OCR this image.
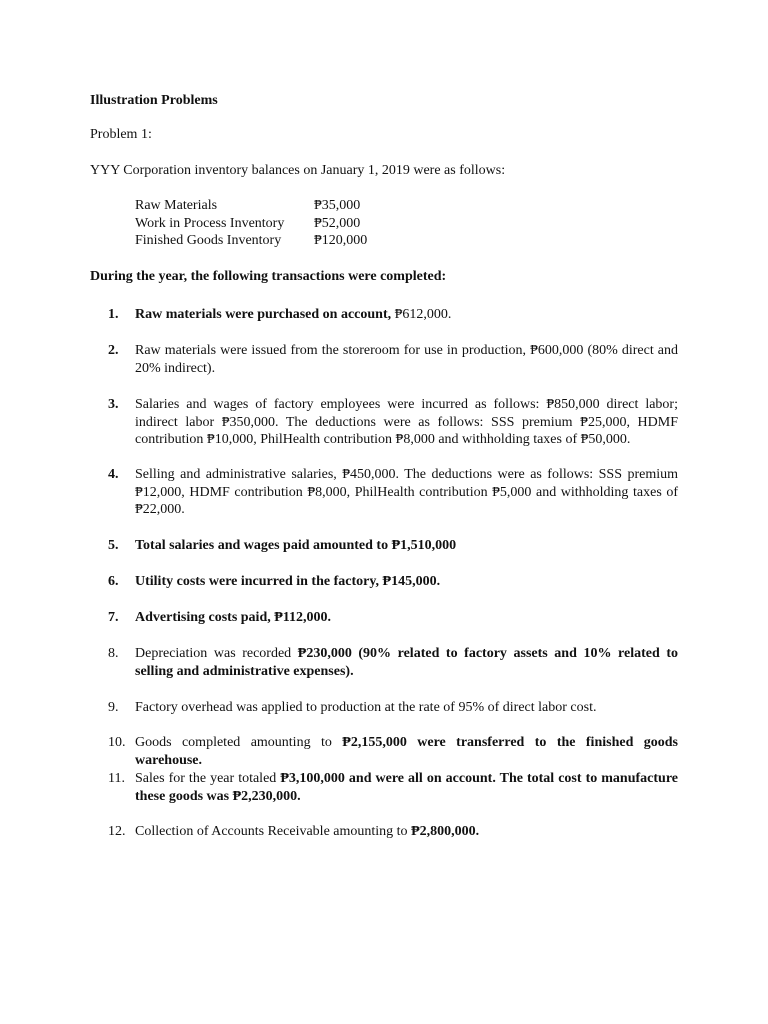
Illustration Problems
Problem 1:
YYY Corporation inventory balances on January 1, 2019 were as follows:
Raw Materials	₱35,000
Work in Process Inventory ₱52,000
Finished Goods Inventory ₱120,000
During the year, the following transactions were completed:
1.	Raw materials were purchased on account, ₱612,000.
2.	Raw materials were issued from the storeroom for use in production, ₱600,000 (80% direct and 20% indirect).
3.	Salaries and wages of factory employees were incurred as follows: ₱850,000 direct labor; indirect labor ₱350,000. The deductions were as follows: SSS premium ₱25,000, HDMF contribution ₱10,000, PhilHealth contribution ₱8,000 and withholding taxes of ₱50,000.
4.	Selling and administrative salaries, ₱450,000. The deductions were as follows: SSS premium ₱12,000, HDMF contribution ₱8,000, PhilHealth contribution ₱5,000 and withholding taxes of ₱22,000.
5.	Total salaries and wages paid amounted to ₱1,510,000
6.	Utility costs were incurred in the factory, ₱145,000.
7.	Advertising costs paid, ₱112,000.
8.	Depreciation was recorded ₱230,000 (90% related to factory assets and 10% related to selling and administrative expenses).
9.	Factory overhead was applied to production at the rate of 95% of direct labor cost.
10. Goods completed amounting to ₱2,155,000 were transferred to the finished goods warehouse.
11. Sales for the year totaled ₱3,100,000 and were all on account. The total cost to manufacture these goods was ₱2,230,000.
12. Collection of Accounts Receivable amounting to ₱2,800,000.
